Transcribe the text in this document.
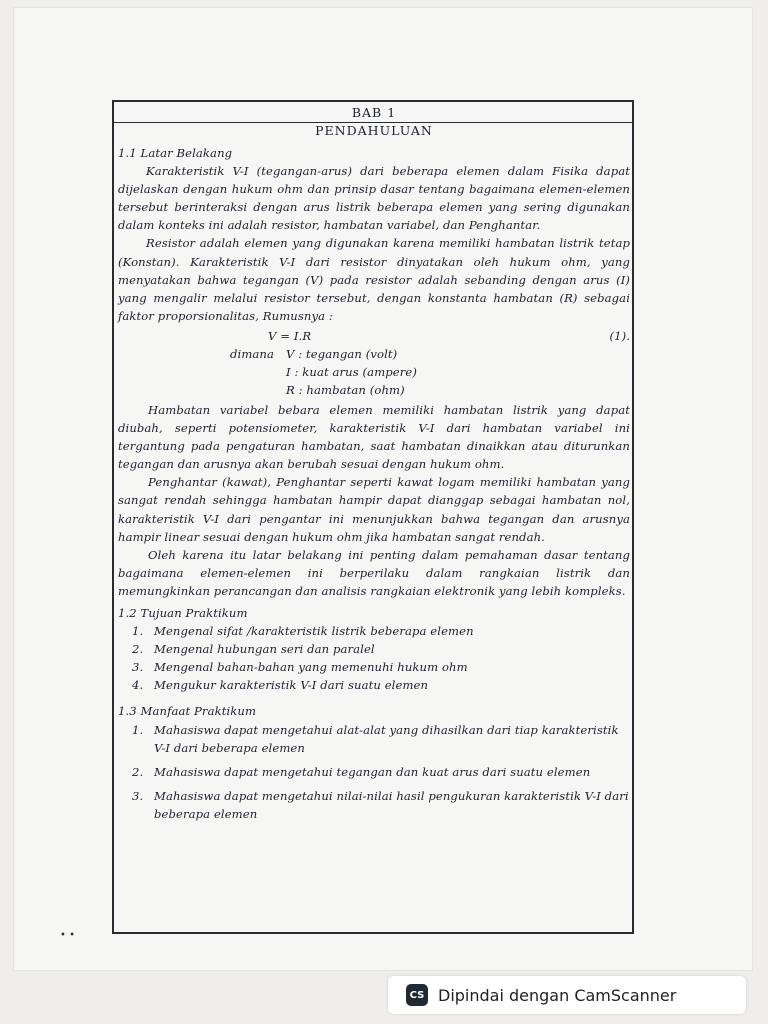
BAB 1

PENDAHULUAN

1.1 Latar Belakang

Karakteristik V-I (tegangan-arus) dari beberapa elemen dalam Fisika dapat dijelaskan dengan hukum ohm dan prinsip dasar tentang bagaimana elemen-elemen tersebut berinteraksi dengan arus listrik beberapa elemen yang sering digunakan dalam konteks ini adalah resistor, hambatan variabel, dan Penghantar.

Resistor adalah elemen yang digunakan karena memiliki hambatan listrik tetap (Konstan). Karakteristik V-I dari resistor dinyatakan oleh hukum ohm, yang menyatakan bahwa tegangan (V) pada resistor adalah sebanding dengan arus (I) yang mengalir melalui resistor tersebut, dengan konstanta hambatan (R) sebagai faktor proporsionalitas, Rumusnya :

V = I.R	(1).
dimana V : tegangan (volt)
I : kuat arus (ampere)
R : hambatan (ohm)

Hambatan variabel bebara elemen memiliki hambatan listrik yang dapat diubah, seperti potensiometer, karakteristik V-I dari hambatan variabel ini tergantung pada pengaturan hambatan, saat hambatan dinaikkan atau diturunkan tegangan dan arusnya akan berubah sesuai dengan hukum ohm.

Penghantar (kawat), Penghantar seperti kawat logam memiliki hambatan yang sangat rendah sehingga hambatan hampir dapat dianggap sebagai hambatan nol, karakteristik V-I dari pengantar ini menunjukkan bahwa tegangan dan arusnya hampir linear sesuai dengan hukum ohm jika hambatan sangat rendah.

Oleh karena itu latar belakang ini penting dalam pemahaman dasar tentang bagaimana elemen-elemen ini berperilaku dalam rangkaian listrik dan memungkinkan perancangan dan analisis rangkaian elektronik yang lebih kompleks.

1.2 Tujuan Praktikum

1. Mengenal sifat /karakteristik listrik beberapa elemen
2. Mengenal hubungan seri dan paralel
3. Mengenal bahan-bahan yang memenuhi hukum ohm
4. Mengukur karakteristik V-I dari suatu elemen

1.3 Manfaat Praktikum

1. Mahasiswa dapat mengetahui alat-alat yang dihasilkan dari tiap karakteristik V-I dari beberapa elemen
2. Mahasiswa dapat mengetahui tegangan dan kuat arus dari suatu elemen
3. Mahasiswa dapat mengetahui nilai-nilai hasil pengukuran karakteristik V-I dari beberapa elemen
• •
CS Dipindai dengan CamScanner
